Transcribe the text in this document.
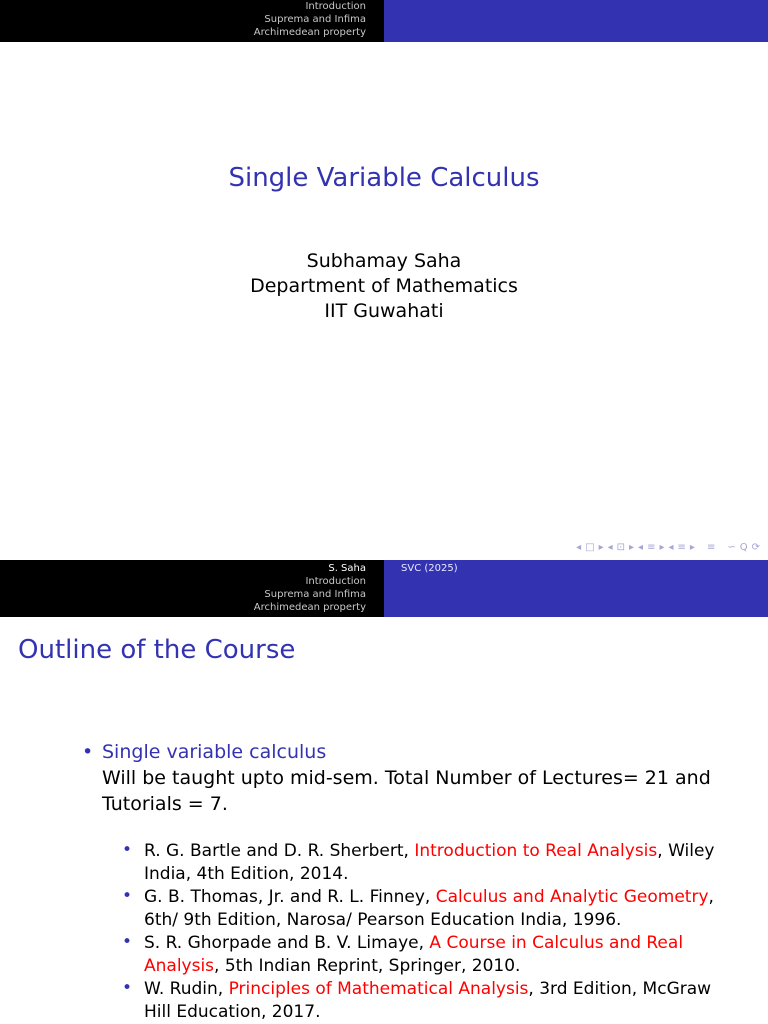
Introduction
Suprema and Infima
Archimedean property
Single Variable Calculus
Subhamay Saha
Department of Mathematics
IIT Guwahati
◂ □ ▸ ◂ ⊡ ▸ ◂ ≡ ▸ ◂ ≡ ▸ ≡ ∽ Q ⟳
S. Saha
Introduction
Suprema and Infima
Archimedean property
SVC (2025)
Outline of the Course
• Single variable calculus
Will be taught upto mid-sem. Total Number of Lectures= 21 and
Tutorials = 7.
• R. G. Bartle and D. R. Sherbert, Introduction to Real Analysis, Wiley India, 4th Edition, 2014.
• G. B. Thomas, Jr. and R. L. Finney, Calculus and Analytic Geometry, 6th/ 9th Edition, Narosa/ Pearson Education India, 1996.
• S. R. Ghorpade and B. V. Limaye, A Course in Calculus and Real Analysis, 5th Indian Reprint, Springer, 2010.
• W. Rudin, Principles of Mathematical Analysis, 3rd Edition, McGraw Hill Education, 2017.
